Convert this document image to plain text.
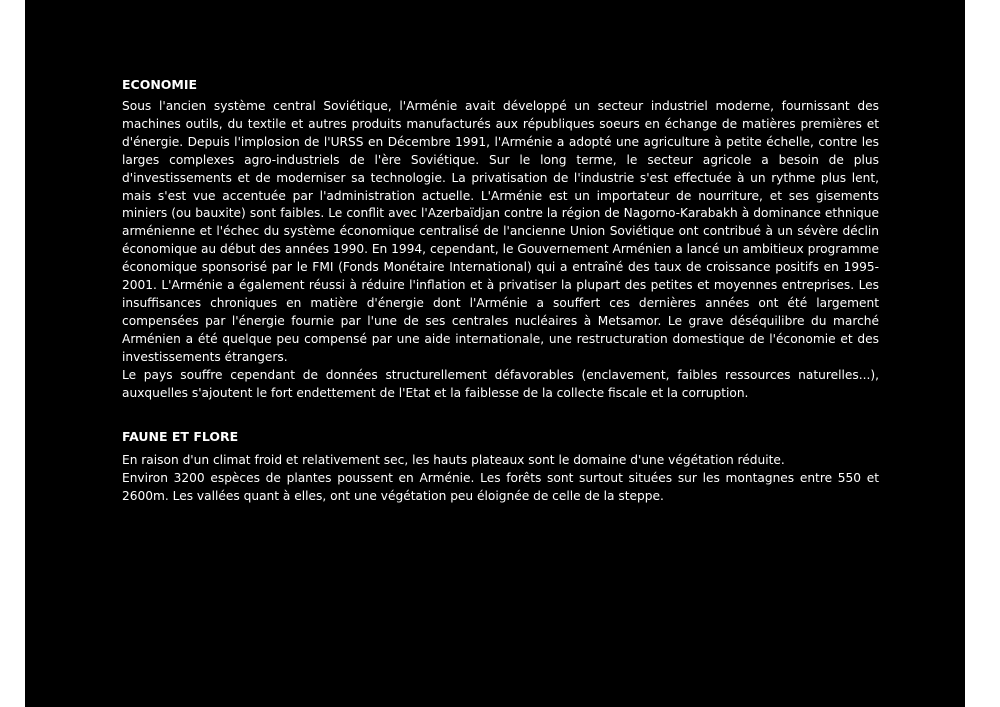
ECONOMIE

Sous l'ancien système central Soviétique, l'Arménie avait développé un secteur industriel moderne, fournissant des machines outils, du textile et autres produits manufacturés aux républiques soeurs en échange de matières premières et d'énergie. Depuis l'implosion de l'URSS en Décembre 1991, l'Arménie a adopté une agriculture à petite échelle, contre les larges complexes agro-industriels de l'ère Soviétique. Sur le long terme, le secteur agricole a besoin de plus d'investissements et de moderniser sa technologie. La privatisation de l'industrie s'est effectuée à un rythme plus lent, mais s'est vue accentuée par l'administration actuelle. L'Arménie est un importateur de nourriture, et ses gisements miniers (ou bauxite) sont faibles. Le conflit avec l'Azerbaïdjan contre la région de Nagorno-Karabakh à dominance ethnique arménienne et l'échec du système économique centralisé de l'ancienne Union Soviétique ont contribué à un sévère déclin économique au début des années 1990. En 1994, cependant, le Gouvernement Arménien a lancé un ambitieux programme économique sponsorisé par le FMI (Fonds Monétaire International) qui a entraîné des taux de croissance positifs en 1995-2001. L'Arménie a également réussi à réduire l'inflation et à privatiser la plupart des petites et moyennes entreprises. Les insuffisances chroniques en matière d'énergie dont l'Arménie a souffert ces dernières années ont été largement compensées par l'énergie fournie par l'une de ses centrales nucléaires à Metsamor. Le grave déséquilibre du marché Arménien a été quelque peu compensé par une aide internationale, une restructuration domestique de l'économie et des investissements étrangers.

Le pays souffre cependant de données structurellement défavorables (enclavement, faibles ressources naturelles...), auxquelles s'ajoutent le fort endettement de l'Etat et la faiblesse de la collecte fiscale et la corruption.

FAUNE ET FLORE

En raison d'un climat froid et relativement sec, les hauts plateaux sont le domaine d'une végétation réduite.

Environ 3200 espèces de plantes poussent en Arménie. Les forêts sont surtout situées sur les montagnes entre 550 et 2600m. Les vallées quant à elles, ont une végétation peu éloignée de celle de la steppe.
